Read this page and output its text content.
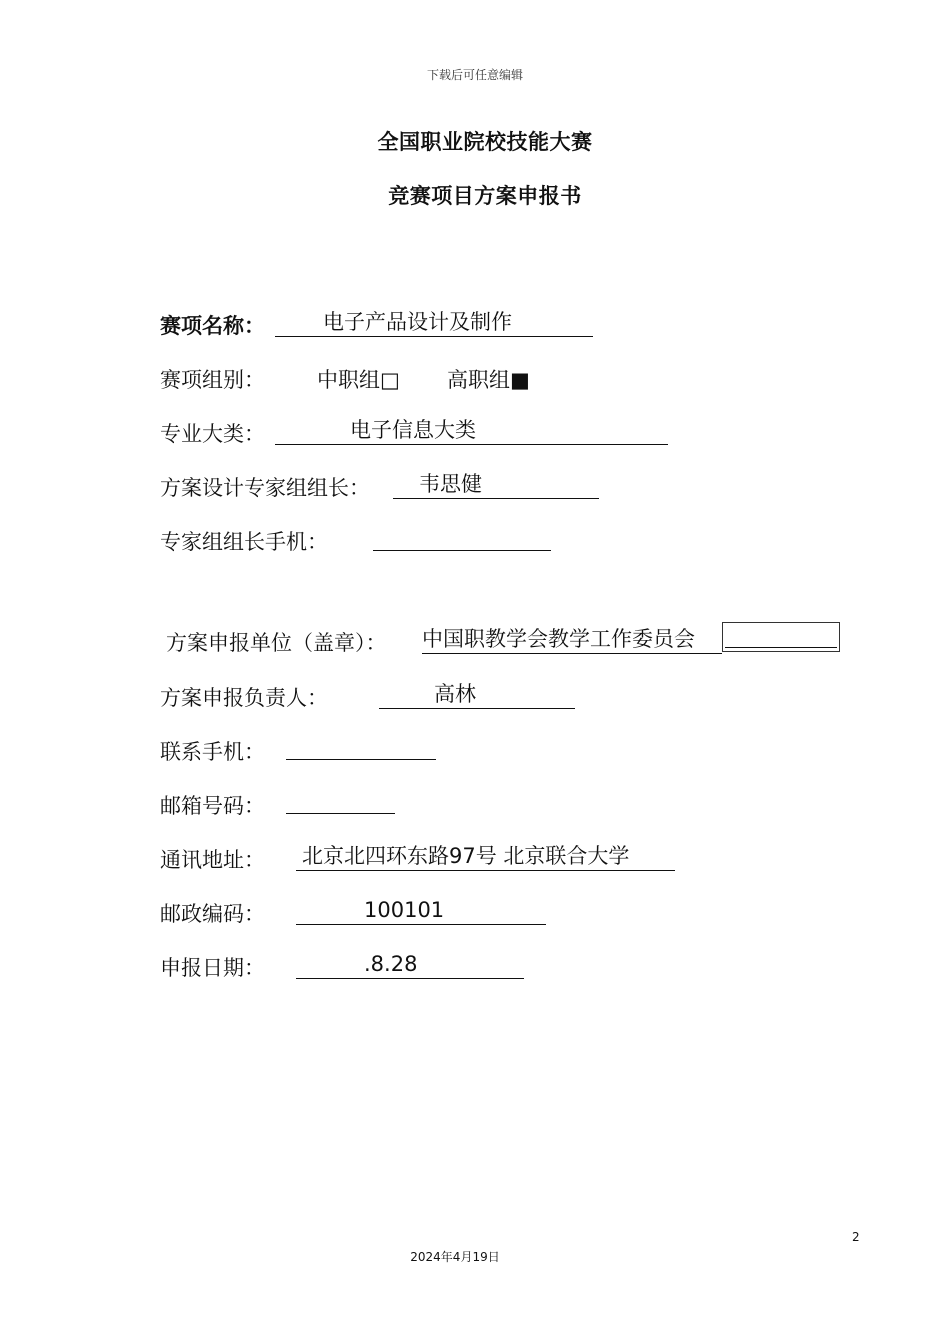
下载后可任意编辑
全国职业院校技能大赛
竞赛项目方案申报书
赛项名称：	电子产品设计及制作
赛项组别： 中职组□ 高职组■
专业大类：	电子信息大类
方案设计专家组组长：	韦思健
专家组组长手机：
方案申报单位（盖章）： 中国职教学会教学工作委员会
方案申报负责人：	高林
联系手机：
邮箱号码：
通讯地址： 北京北四环东路97号 北京联合大学
邮政编码：	100101
申报日期：	.8.28
2
2024年4月19日
